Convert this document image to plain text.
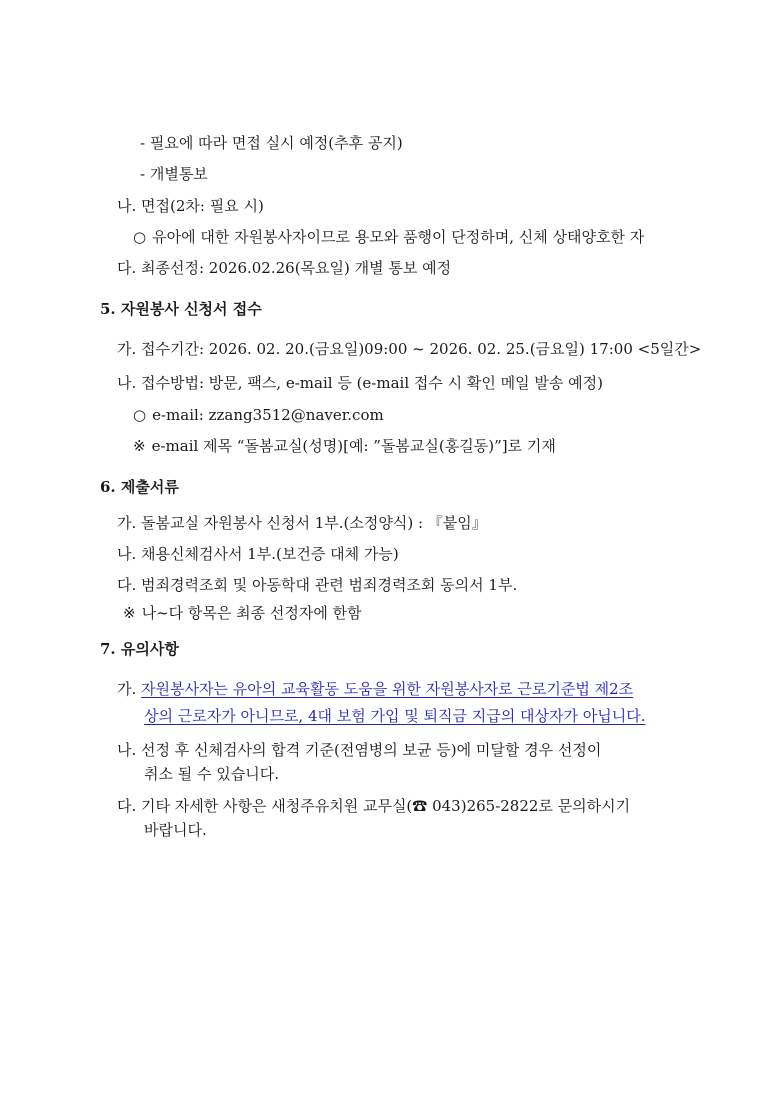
- 필요에 따라 면접 실시 예정(추후 공지)
- 개별통보
나. 면접(2차: 필요 시)
○ 유아에 대한 자원봉사자이므로 용모와 품행이 단정하며, 신체 상태양호한 자
다. 최종선정: 2026.02.26(목요일) 개별 통보 예정
5. 자원봉사 신청서 접수
가. 접수기간: 2026. 02. 20.(금요일)09:00 ~ 2026. 02. 25.(금요일) 17:00 <5일간>
나. 접수방법: 방문, 팩스, e-mail 등 (e-mail 접수 시 확인 메일 발송 예정)
○ e-mail: zzang3512@naver.com
※ e-mail 제목 “돌봄교실(성명)[예: ”돌봄교실(홍길동)”]로 기재
6. 제출서류
가. 돌봄교실 자원봉사 신청서 1부.(소정양식) : 『붙임』
나. 채용신체검사서 1부.(보건증 대체 가능)
다. 범죄경력조회 및 아동학대 관련 범죄경력조회 동의서 1부.
※ 나~다 항목은 최종 선정자에 한함
7. 유의사항
가. 자원봉사자는 유아의 교육활동 도움을 위한 자원봉사자로 근로기준법 제2조
상의 근로자가 아니므로, 4대 보험 가입 및 퇴직금 지급의 대상자가 아닙니다.
나. 선정 후 신체검사의 합격 기준(전염병의 보균 등)에 미달할 경우 선정이
취소 될 수 있습니다.
다. 기타 자세한 사항은 새청주유치원 교무실(☎ 043)265-2822로 문의하시기
바랍니다.
